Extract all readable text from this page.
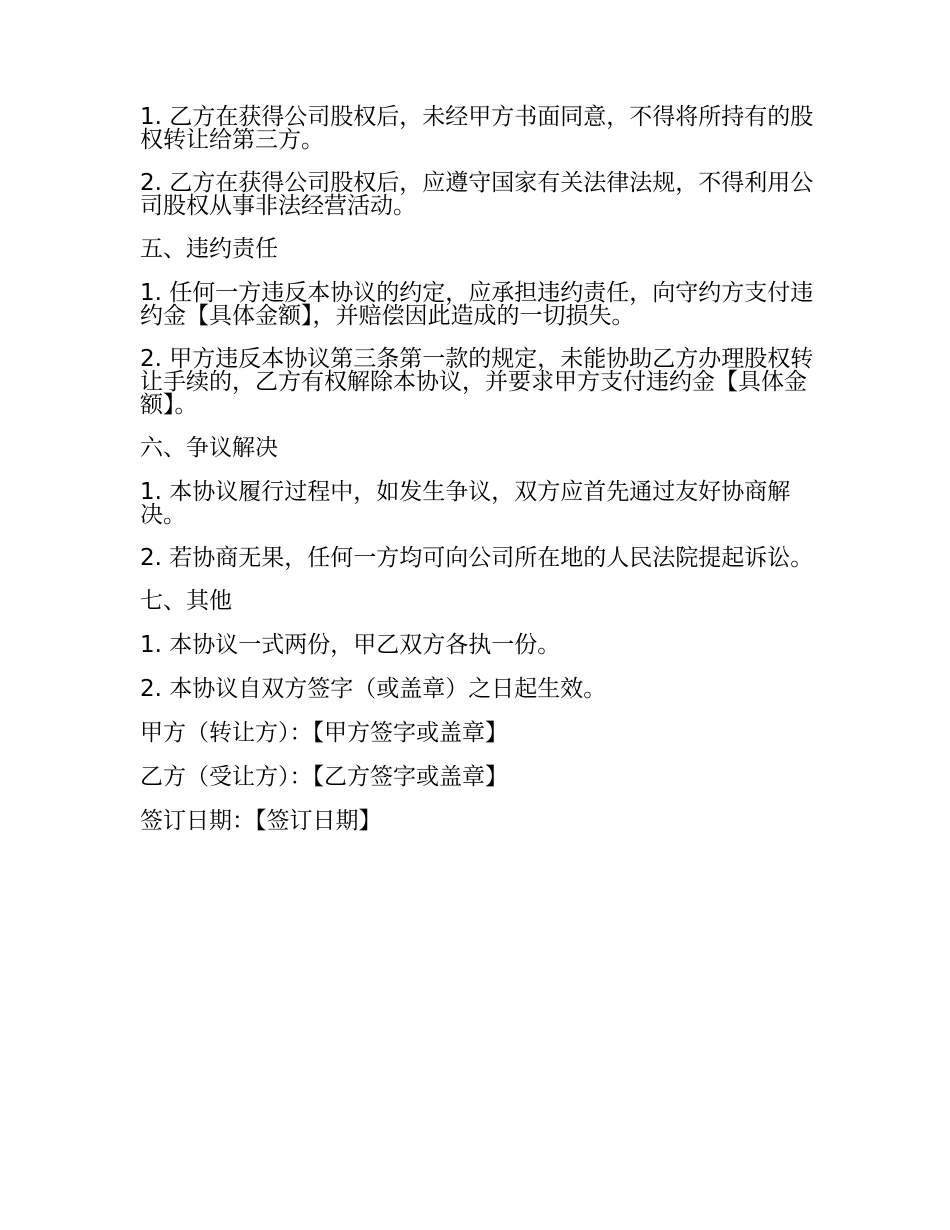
1. 乙方在获得公司股权后，未经甲方书面同意，不得将所持有的股权转让给第三方。

2. 乙方在获得公司股权后，应遵守国家有关法律法规，不得利用公司股权从事非法经营活动。

五、违约责任

1. 任何一方违反本协议的约定，应承担违约责任，向守约方支付违约金【具体金额】，并赔偿因此造成的一切损失。

2. 甲方违反本协议第三条第一款的规定，未能协助乙方办理股权转让手续的，乙方有权解除本协议，并要求甲方支付违约金【具体金额】。

六、争议解决

1. 本协议履行过程中，如发生争议，双方应首先通过友好协商解决。

2. 若协商无果，任何一方均可向公司所在地的人民法院提起诉讼。

七、其他

1. 本协议一式两份，甲乙双方各执一份。

2. 本协议自双方签字（或盖章）之日起生效。

甲方（转让方）：【甲方签字或盖章】

乙方（受让方）：【乙方签字或盖章】

签订日期：【签订日期】
